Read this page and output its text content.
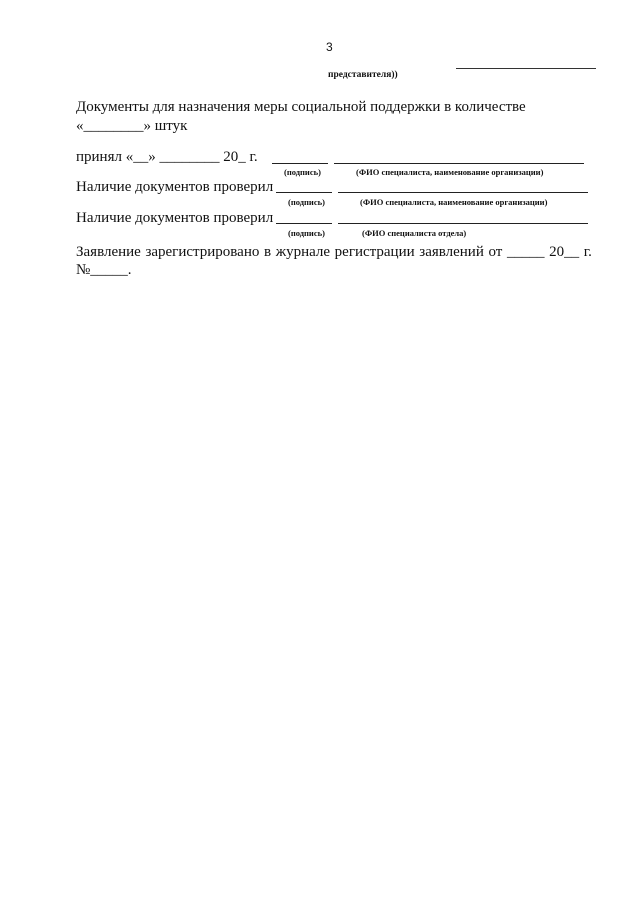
3
представителя))
Документы для назначения меры социальной поддержки в количестве
«________» штук
принял «__» ________ 20_ г.
(подпись)	(ФИО специалиста, наименование организации)
Наличие документов проверил
(подпись)	(ФИО специалиста, наименование организации)
Наличие документов проверил
(подпись)	(ФИО специалиста отдела)
Заявление зарегистрировано в журнале регистрации заявлений от _____ 20__ г.
№_____.
